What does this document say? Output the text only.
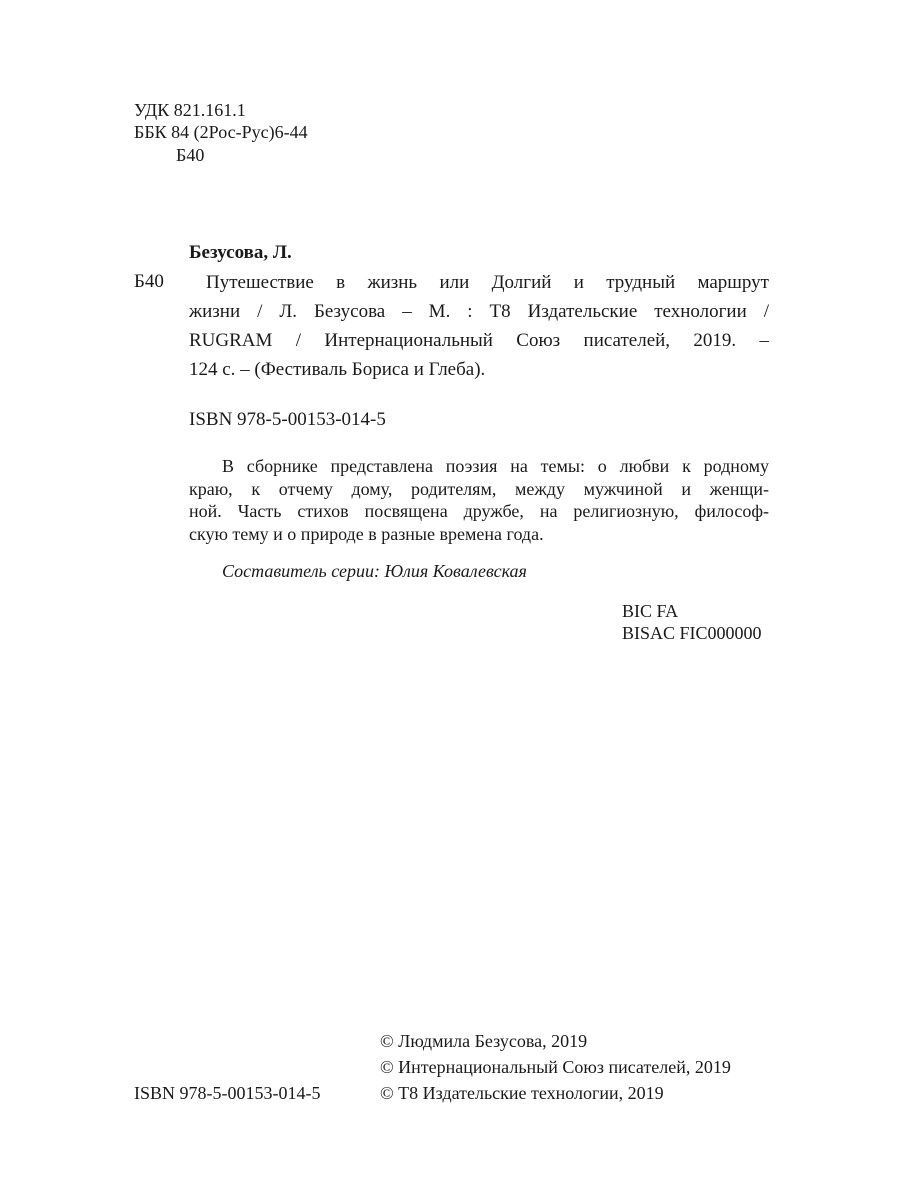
УДК 821.161.1
ББК 84 (2Рос-Рус)6-44
Б40
Безусова, Л.
Б40	Путешествие в жизнь или Долгий и трудный маршрут
жизни / Л. Безусова – М. : Т8 Издательские технологии /
RUGRAM / Интернациональный Союз писателей, 2019. –
124 с. – (Фестиваль Бориса и Глеба).
ISBN 978-5-00153-014-5
В сборнике представлена поэзия на темы: о любви к родному
краю, к отчему дому, родителям, между мужчиной и женщи-
ной. Часть стихов посвящена дружбе, на религиозную, философ-
скую тему и о природе в разные времена года.
Составитель серии: Юлия Ковалевская
BIC FA
BISAC FIC000000
© Людмила Безусова, 2019
© Интернациональный Союз писателей, 2019
ISBN 978-5-00153-014-5	© Т8 Издательские технологии, 2019
